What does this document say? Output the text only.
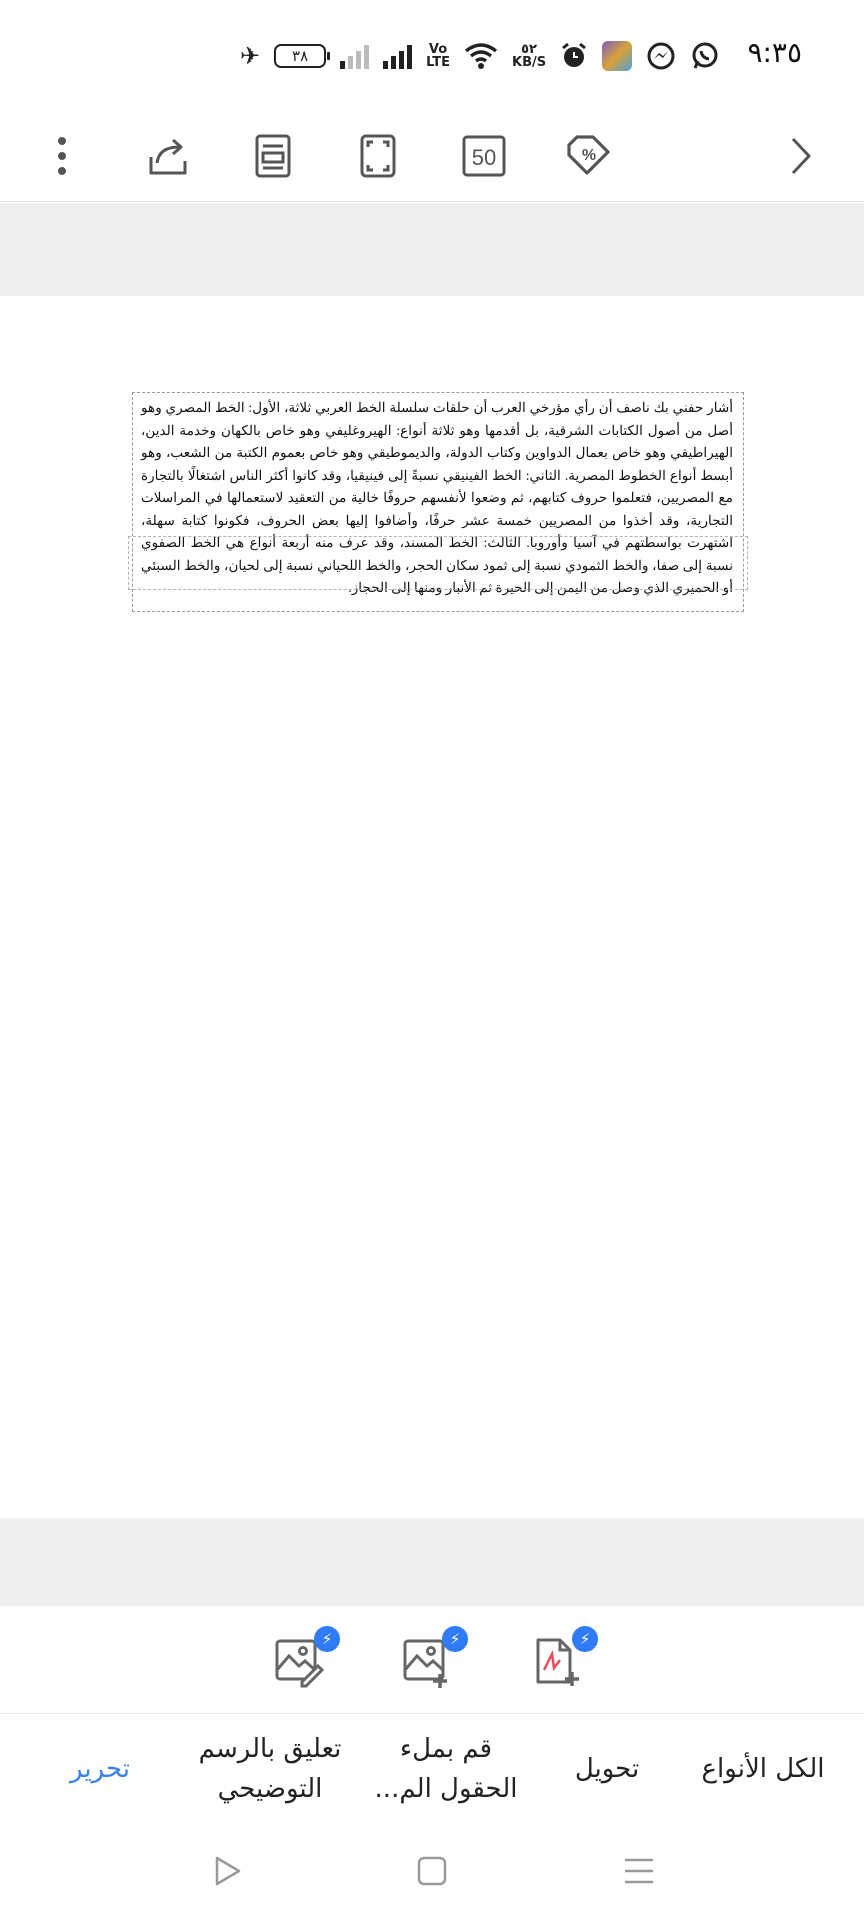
✈	٣٨	Vo
LTE
٥٢
KB/S	٩:٣٥
50	%

أشار حفني بك ناصف أن رأي مؤرخي العرب أن حلقات سلسلة الخط العربي ثلاثة، الأول: الخط المصري وهو أصل من أصول الكتابات الشرقية، بل أقدمها وهو ثلاثة أنواع: الهيروغليفي وهو خاص بالكهان وخدمة الدين، الهيراطيقي وهو خاص بعمال الدواوين وكتاب الدولة، والديموطيقي وهو خاص بعموم الكتبة من الشعب، وهو أبسط أنواع الخطوط المصرية. الثاني: الخط الفينيقي نسبةً إلى فينيقيا، وقد كانوا أكثر الناس اشتغالًا بالتجارة مع المصريين، فتعلموا حروف كتابهم، ثم وضعوا لأنفسهم حروفًا خالية من التعقيد لاستعمالها في المراسلات التجارية، وقد أخذوا من المصريين خمسة عشر حرفًا، وأضافوا إليها بعض الحروف، فكونوا كتابة سهلة، اشتهرت بواسطتهم في آسيا وأوروبا. الثالث: الخط المسند، وقد عرف منه أربعة أنواع هي الخط الصفوي نسبة إلى صفا، والخط الثمودي نسبة إلى ثمود سكان الحجر، والخط اللحياني نسبة إلى لحيان، والخط السبئي أو الحميري الذي وصل من اليمن إلى الحيرة ثم الأنبار ومنها إلى الحجاز.

⚡	⚡	⚡
الكل الأنواع
تحويل
قم بملء
الحقول الم...
تعليق بالرسم
التوضيحي
تحرير
